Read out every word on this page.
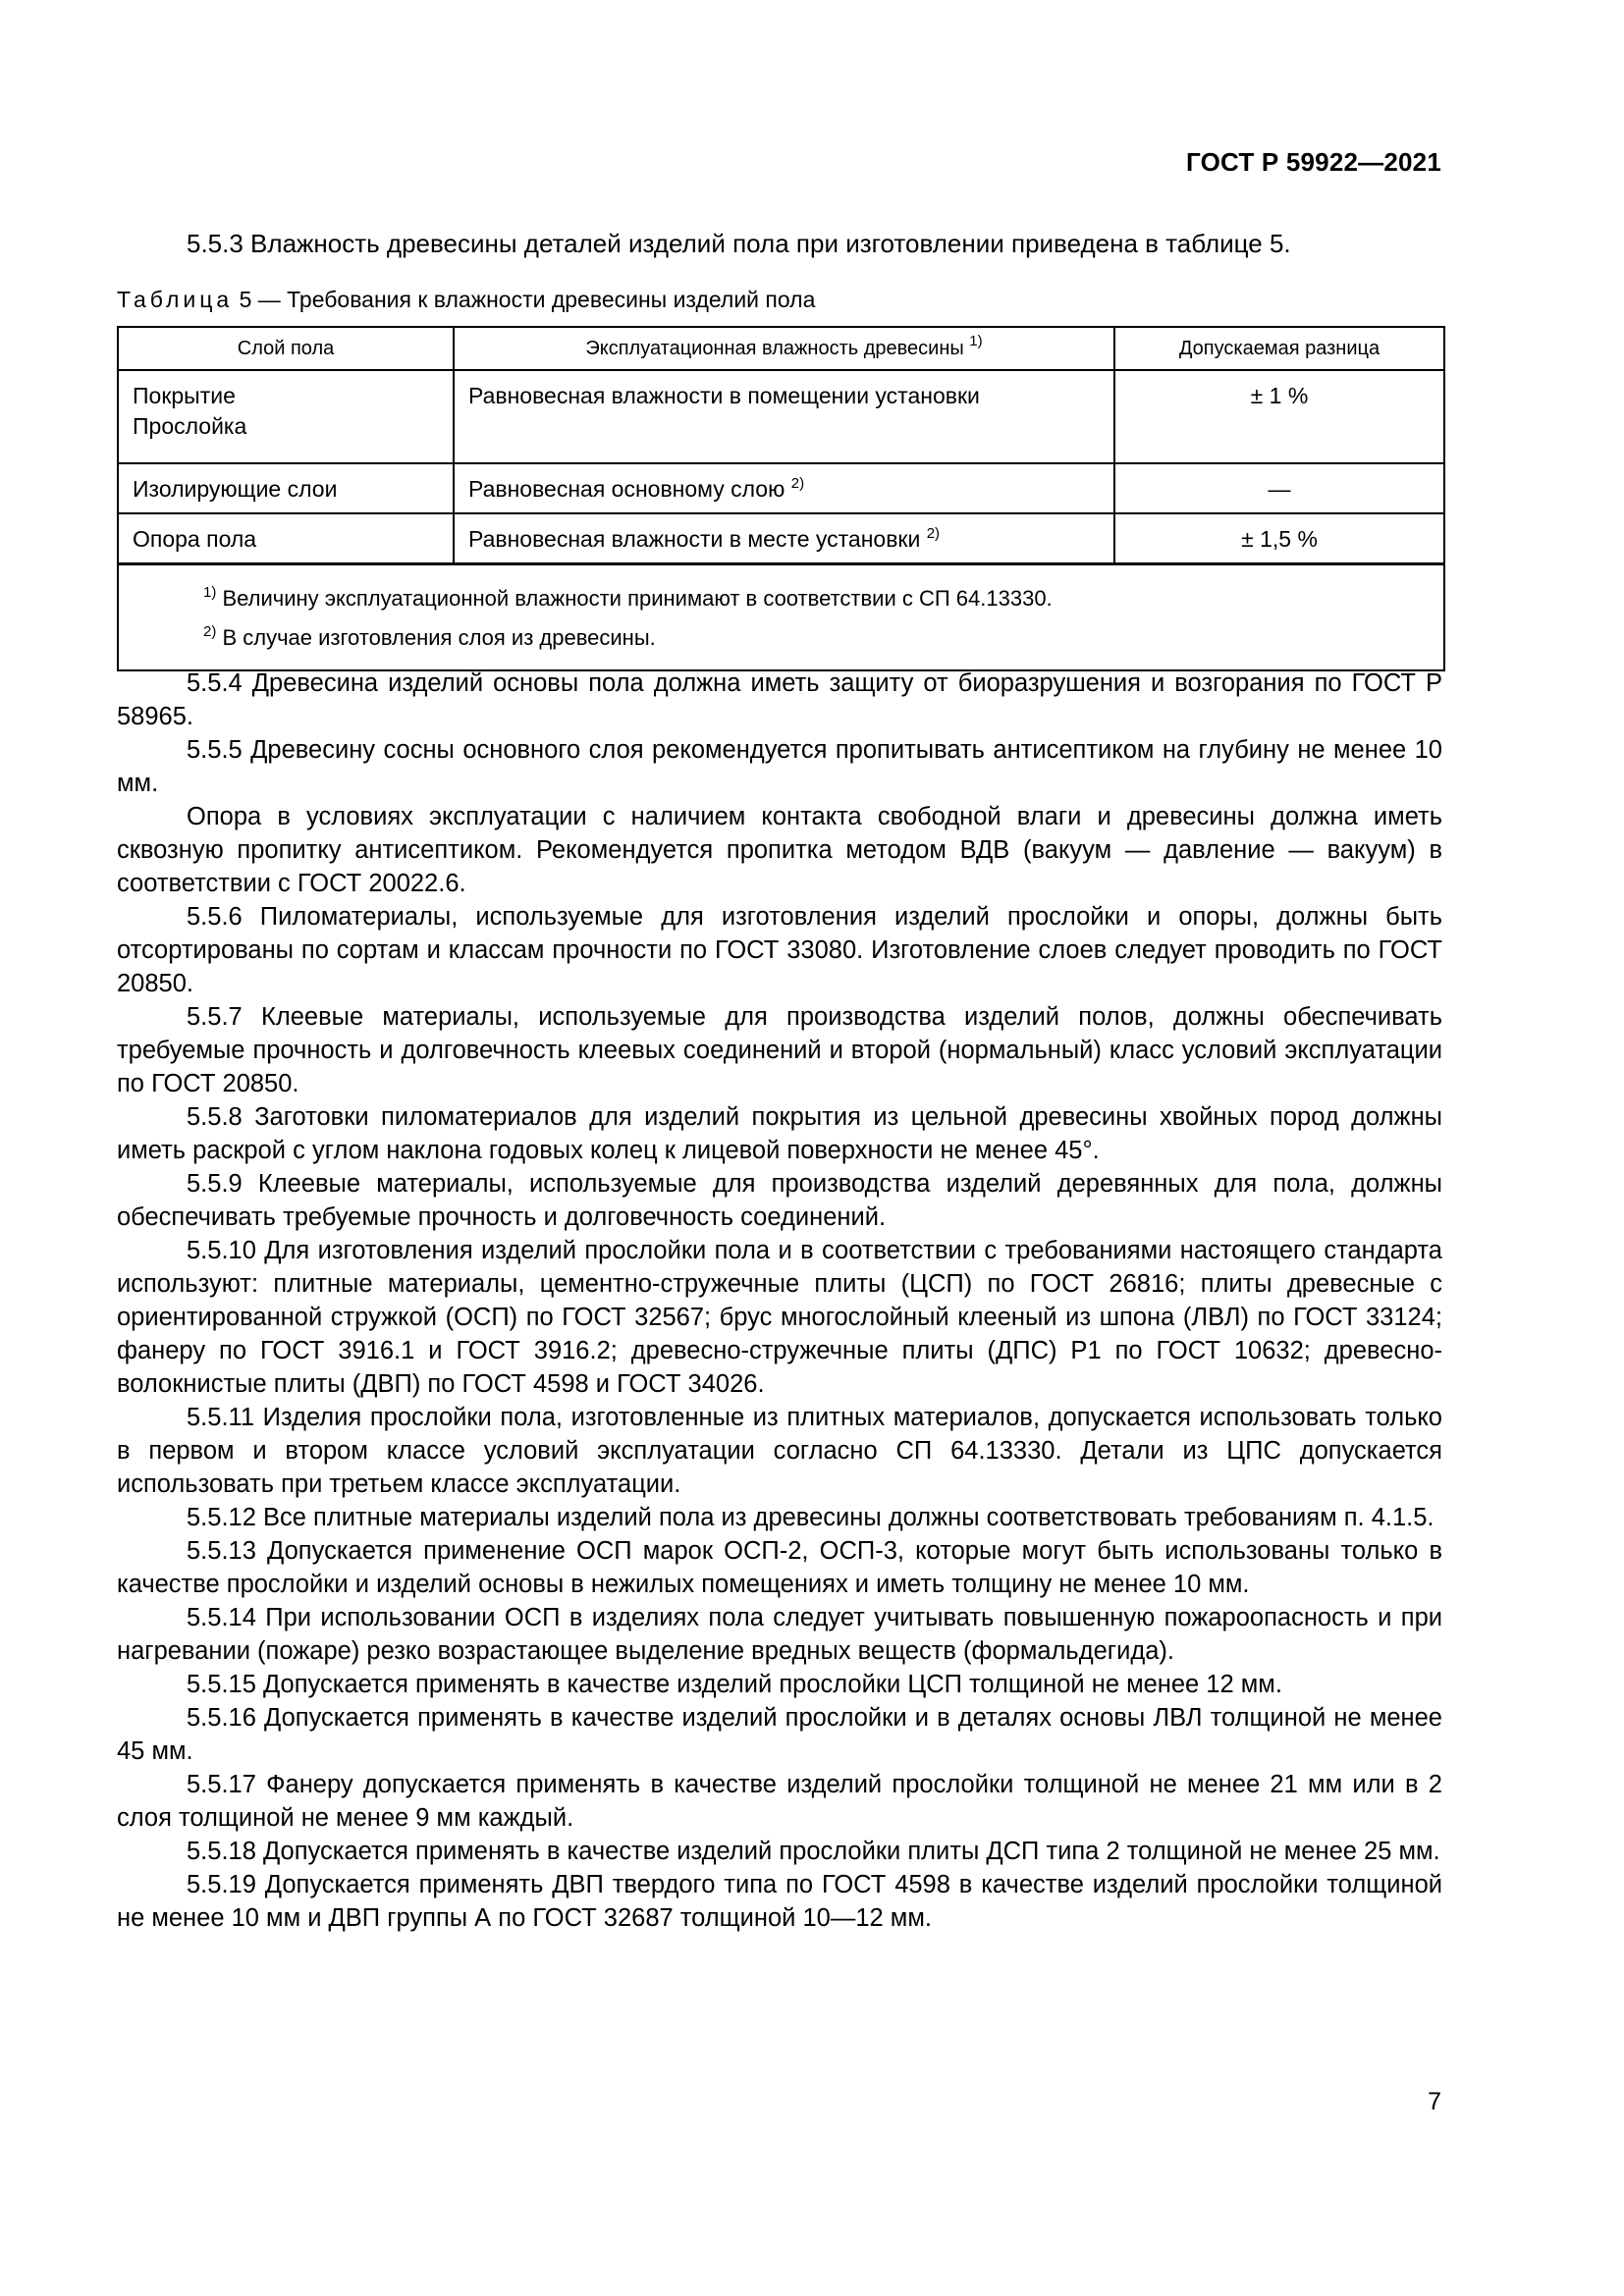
ГОСТ Р 59922—2021
5.5.3 Влажность древесины деталей изделий пола при изготовлении приведена в таблице 5.
Таблица 5 — Требования к влажности древесины изделий пола
Слой пола	Эксплуатационная влажность древесины $^{1)}$	Допускаемая разница

Покрытие
Прослойка	Равновесная влажности в помещении установки	± 1 %
Изолирующие слои	Равновесная основному слою $^{2)}$	—
Опора пола	Равновесная влажности в месте установки $^{2)}$	± 1,5 %

$^{1)}$ Величину эксплуатационной влажности принимают в соответствии с СП 64.13330.
$^{2)}$ В случае изготовления слоя из древесины.		

5.5.4 Древесина изделий основы пола должна иметь защиту от биоразрушения и возгорания по ГОСТ Р 58965.

5.5.5 Древесину сосны основного слоя рекомендуется пропитывать антисептиком на глубину не менее 10 мм.

Опора в условиях эксплуатации с наличием контакта свободной влаги и древесины должна иметь сквозную пропитку антисептиком. Рекомендуется пропитка методом ВДВ (вакуум — давление — вакуум) в соответствии с ГОСТ 20022.6.

5.5.6 Пиломатериалы, используемые для изготовления изделий прослойки и опоры, должны быть отсортированы по сортам и классам прочности по ГОСТ 33080. Изготовление слоев следует проводить по ГОСТ 20850.

5.5.7 Клеевые материалы, используемые для производства изделий полов, должны обеспечивать требуемые прочность и долговечность клеевых соединений и второй (нормальный) класс условий эксплуатации по ГОСТ 20850.

5.5.8 Заготовки пиломатериалов для изделий покрытия из цельной древесины хвойных пород должны иметь раскрой с углом наклона годовых колец к лицевой поверхности не менее 45°.

5.5.9 Клеевые материалы, используемые для производства изделий деревянных для пола, должны обеспечивать требуемые прочность и долговечность соединений.

5.5.10 Для изготовления изделий прослойки пола и в соответствии с требованиями настоящего стандарта используют: плитные материалы, цементно-стружечные плиты (ЦСП) по ГОСТ 26816; плиты древесные с ориентированной стружкой (ОСП) по ГОСТ 32567; брус многослойный клееный из шпона (ЛВЛ) по ГОСТ 33124; фанеру по ГОСТ 3916.1 и ГОСТ 3916.2; древесно-стружечные плиты (ДПС) Р1 по ГОСТ 10632; древесно-волокнистые плиты (ДВП) по ГОСТ 4598 и ГОСТ 34026.

5.5.11 Изделия прослойки пола, изготовленные из плитных материалов, допускается использовать только в первом и втором классе условий эксплуатации согласно СП 64.13330. Детали из ЦПС допускается использовать при третьем классе эксплуатации.

5.5.12 Все плитные материалы изделий пола из древесины должны соответствовать требованиям п. 4.1.5.

5.5.13 Допускается применение ОСП марок ОСП-2, ОСП-3, которые могут быть использованы только в качестве прослойки и изделий основы в нежилых помещениях и иметь толщину не менее 10 мм.

5.5.14 При использовании ОСП в изделиях пола следует учитывать повышенную пожароопасность и при нагревании (пожаре) резко возрастающее выделение вредных веществ (формальдегида).

5.5.15 Допускается применять в качестве изделий прослойки ЦСП толщиной не менее 12 мм.

5.5.16 Допускается применять в качестве изделий прослойки и в деталях основы ЛВЛ толщиной не менее 45 мм.

5.5.17 Фанеру допускается применять в качестве изделий прослойки толщиной не менее 21 мм или в 2 слоя толщиной не менее 9 мм каждый.

5.5.18 Допускается применять в качестве изделий прослойки плиты ДСП типа 2 толщиной не менее 25 мм.

5.5.19 Допускается применять ДВП твердого типа по ГОСТ 4598 в качестве изделий прослойки толщиной не менее 10 мм и ДВП группы А по ГОСТ 32687 толщиной 10—12 мм.

7
